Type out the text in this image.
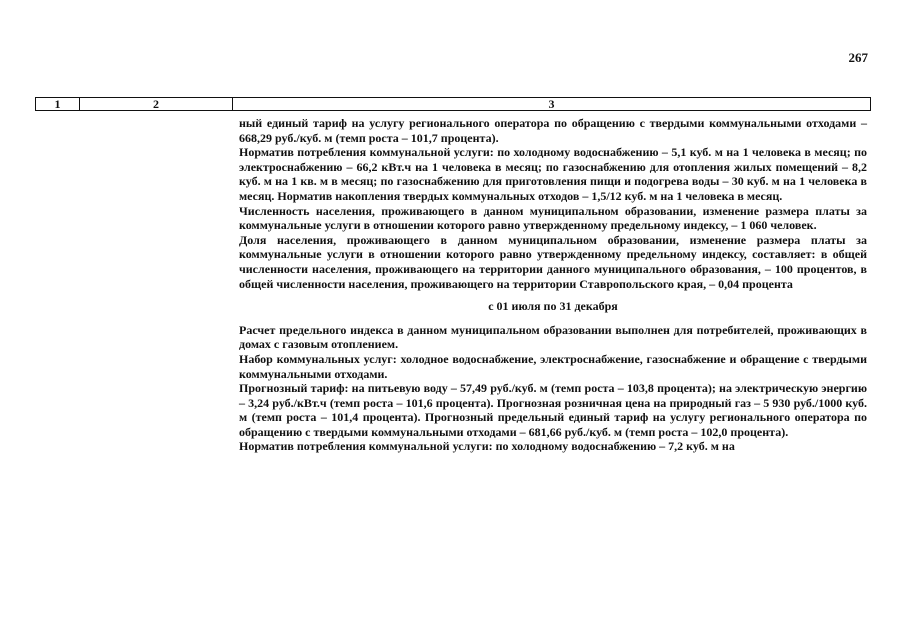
267
1	2	3

ный единый тариф на услугу регионального оператора по обращению с твердыми коммунальными отходами – 668,29 руб./куб. м (темп роста – 101,7 процента).

Норматив потребления коммунальной услуги: по холодному водоснабжению – 5,1 куб. м на 1 человека в месяц; по электроснабжению – 66,2 кВт.ч на 1 человека в месяц; по газоснабжению для отопления жилых помещений – 8,2 куб. м на 1 кв. м в месяц; по газоснабжению для приготовления пищи и подогрева воды – 30 куб. м на 1 человека в месяц. Норматив накопления твердых коммунальных отходов – 1,5/12 куб. м на 1 человека в месяц.

Численность населения, проживающего в данном муниципальном образовании, изменение размера платы за коммунальные услуги в отношении которого равно утвержденному предельному индексу, – 1 060 человек.

Доля населения, проживающего в данном муниципальном образовании, изменение размера платы за коммунальные услуги в отношении которого равно утвержденному предельному индексу, составляет: в общей численности населения, проживающего на территории данного муниципального образования, – 100 процентов, в общей численности населения, проживающего на территории Ставропольского края, – 0,04 процента

с 01 июля по 31 декабря

Расчет предельного индекса в данном муниципальном образовании выполнен для потребителей, проживающих в домах с газовым отоплением.

Набор коммунальных услуг: холодное водоснабжение, электроснабжение, газоснабжение и обращение с твердыми коммунальными отходами.

Прогнозный тариф: на питьевую воду – 57,49 руб./куб. м (темп роста – 103,8 процента); на электрическую энергию – 3,24 руб./кВт.ч (темп роста – 101,6 процента). Прогнозная розничная цена на природный газ – 5 930 руб./1000 куб. м (темп роста – 101,4 процента). Прогнозный предельный единый тариф на услугу регионального оператора по обращению с твердыми коммунальными отходами – 681,66 руб./куб. м (темп роста – 102,0 процента).

Норматив потребления коммунальной услуги: по холодному водоснабжению – 7,2 куб. м на
